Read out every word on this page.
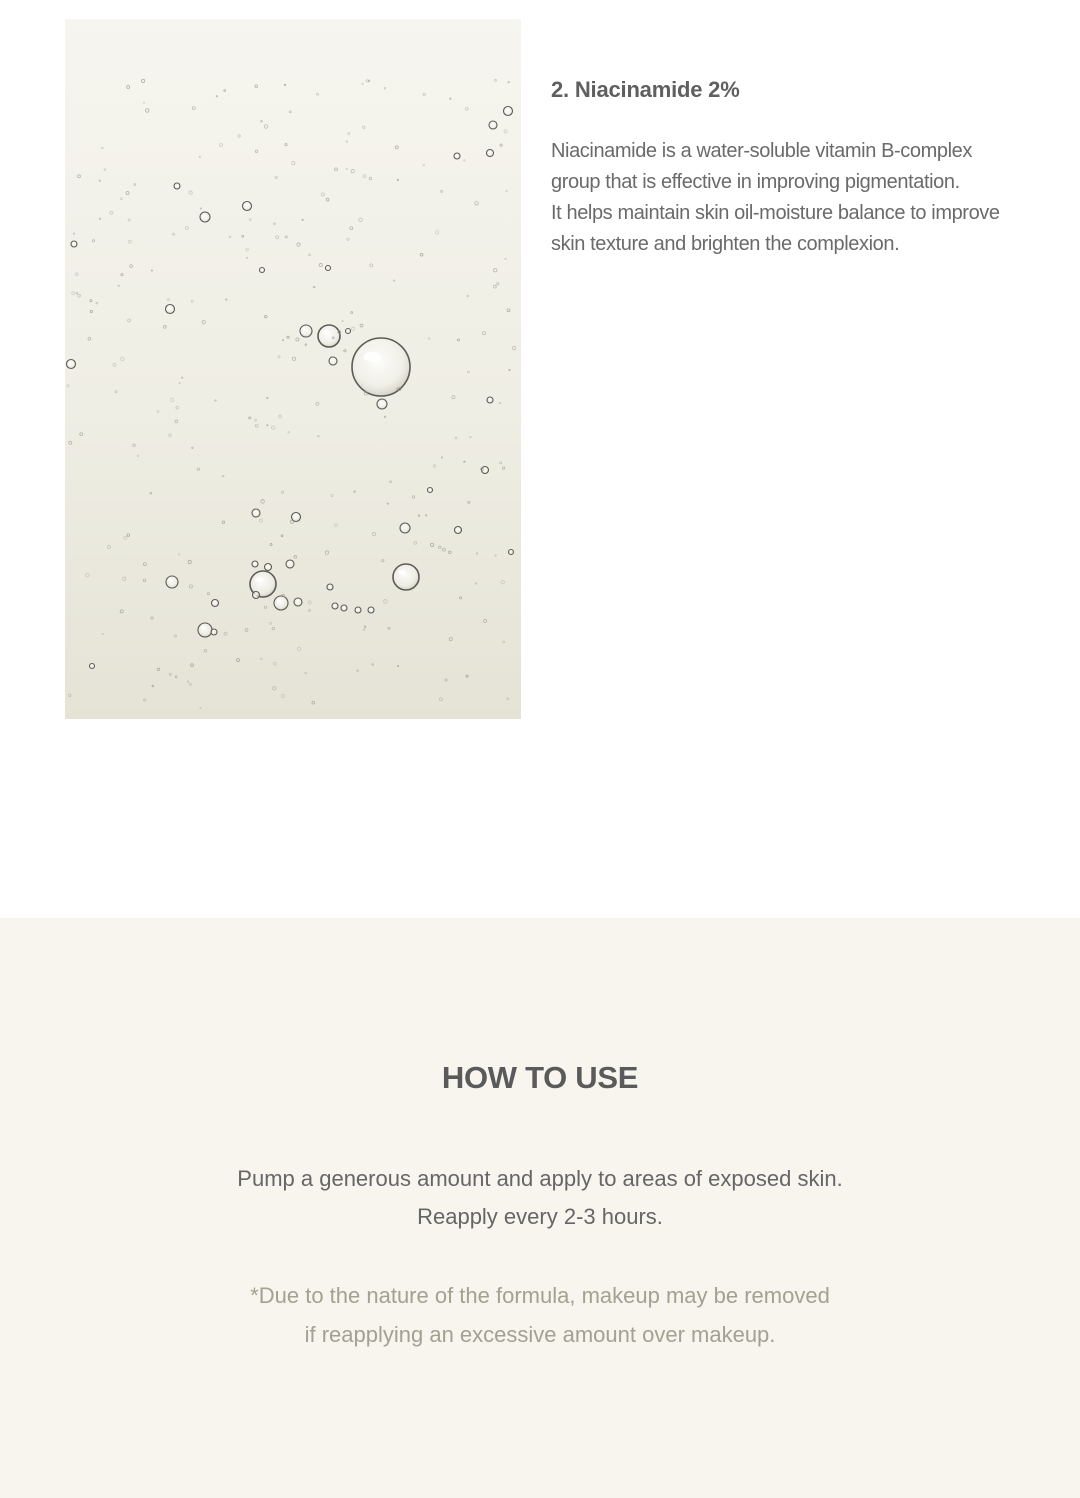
2. Niacinamide 2%

Niacinamide is a water-soluble vitamin B-complex
group that is effective in improving pigmentation.
It helps maintain skin oil-moisture balance to improve
skin texture and brighten the complexion.

HOW TO USE

Pump a generous amount and apply to areas of exposed skin.
Reapply every 2-3 hours.

*Due to the nature of the formula, makeup may be removed
if reapplying an excessive amount over makeup.
